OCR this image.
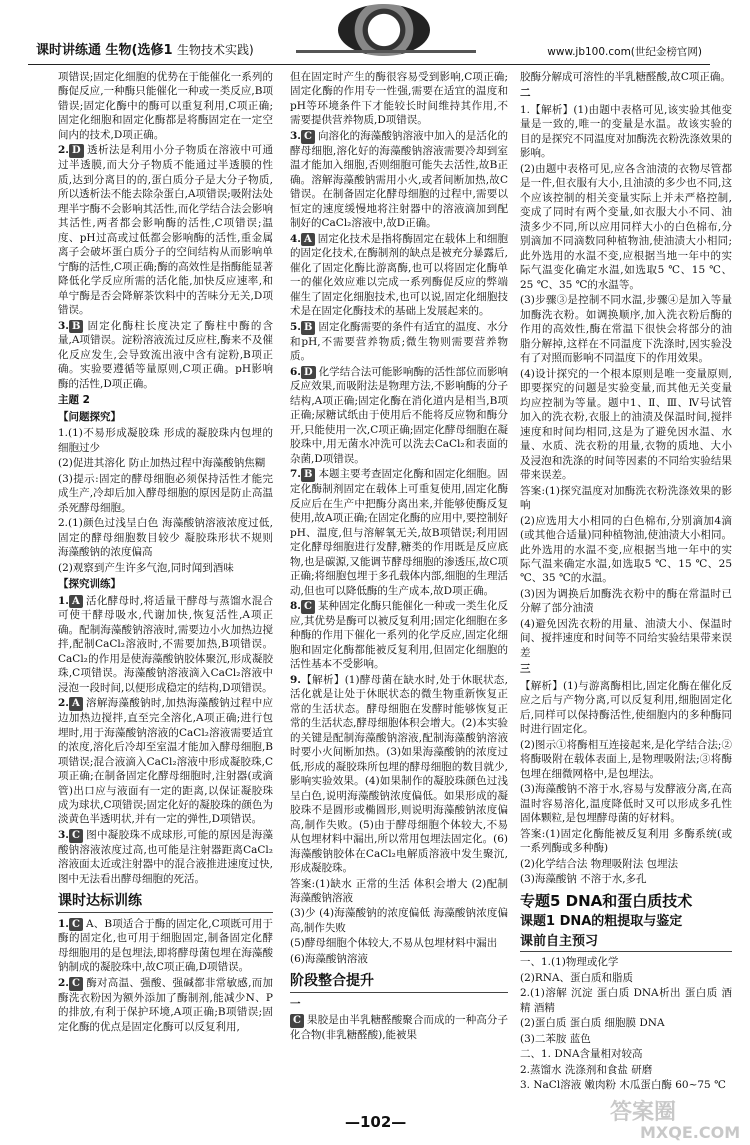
课时讲练通 生物(选修1 生物技术实践)	www.jb100.com(世纪金榜官网)
项错误;固定化细胞的优势在于能催化一系列的酶促反应,一种酶只能催化一种或一类反应,B项错误;固定化酶中的酶可以重复利用,C项正确;固定化细胞和固定化酶都是将酶固定在一定空间内的技术,D项正确。
2. D 透析法是利用小分子物质在溶液中可通过半透膜,而大分子物质不能通过半透膜的性质,达到分离目的的,蛋白质分子是大分子物质,所以透析法不能去除杂蛋白,A项错误;吸附法处理半宇酶不会影响其活性,而化学结合法会影响其活性,两者都会影响酶的活性,C项错误;温度、pH过高或过低都会影响酶的活性,重金属离子会破坏蛋白质分子的空间结构从而影响单宁酶的活性,C项正确;酶的高效性是指酶能显著降低化学反应所需的活化能,加快反应速率,和单宁酶是否会降解茶饮料中的苦味分无关,D项错误。
3. B 固定化酶柱长度决定了酶柱中酶的含量,A项错误。淀粉溶液流过反应柱,酶来不及催化反应发生,会导致流出液中含有淀粉,B项正确。实验要遵循等量原则,C项正确。pH影响酶的活性,D项正确。
主题 2
【问题探究】
1.(1)不易形成凝胶珠 形成的凝胶珠内包埋的细胞过少
(2)促进其溶化 防止加热过程中海藻酸钠焦糊
(3)提示:固定的酵母细胞必须保持活性才能完成生产,冷却后加入酵母细胞的原因是防止高温杀死酵母细胞。
2.(1)颜色过浅呈白色 海藻酸钠溶液浓度过低,固定的酵母细胞数目较少 凝胶珠形状不规则 海藻酸钠的浓度偏高
(2)观察到产生许多气泡,同时闻到酒味
【探究训练】
1. A 活化酵母时,将适量干酵母与蒸馏水混合可使干酵母吸水,代谢加快,恢复活性,A项正确。配制海藻酸钠溶液时,需要边小火加热边搅拌,配制CaCl₂溶液时,不需要加热,B项错误。CaCl₂的作用是使海藻酸钠胶体聚沉,形成凝胶珠,C项错误。海藻酸钠溶液滴入CaCl₂溶液中浸泡一段时间,以便形成稳定的结构,D项错误。
2. A 溶解海藻酸钠时,加热海藻酸钠过程中应边加热边搅拌,直至完全溶化,A项正确;进行包埋时,用于海藻酸钠溶液的CaCl₂溶液需要适宜的浓度,溶化后冷却至室温才能加入酵母细胞,B项错误;混合液滴入CaCl₂溶液中形成凝胶珠,C项正确;在制备固定化酵母细胞时,注射器(或滴管)出口应与液面有一定的距离,以保证凝胶珠成为球状,C项错误;固定化好的凝胶珠的颜色为淡黄色半透明状,并有一定的弹性,D项错误。
3. C 图中凝胶珠不成球形,可能的原因是海藻酸钠溶液浓度过高,也可能是注射器距离CaCl₂溶液面太近或注射器中的混合液推进速度过快,图中无法看出酵母细胞的死活。
课时达标训练
1. C A、B项适合于酶的固定化,C项既可用于酶的固定化,也可用于细胞固定,制备固定化酵母细胞用的是包埋法,即将酵母菌包埋在海藻酸钠制成的凝胶珠中,故C项正确,D项错误。
2. C 酶对高温、强酸、强碱都非常敏感,而加酶洗衣粉因为额外添加了酶制剂,能减少N、P的排放,有利于保护环境,A项正确;B项错误;固定化酶的优点是固定化酶可以反复利用,
但在固定时产生的酶很容易受到影响,C项正确;固定化酶的作用专一性强,需要在适宜的温度和pH等环境条件下才能较长时间维持其作用,不需要提供营养物质,D项错误。
3. C 向溶化的海藻酸钠溶液中加入的是活化的酵母细胞,溶化好的海藻酸钠溶液需要冷却到室温才能加入细胞,否则细胞可能失去活性,故B正确。溶解海藻酸钠需用小火,或者间断加热,故C错误。在制备固定化酵母细胞的过程中,需要以恒定的速度缓慢地将注射器中的溶液滴加到配制好的CaCl₂溶液中,故D正确。
4. A 固定化技术是指将酶固定在载体上和细胞的固定化技术,在酶制剂的缺点是被充分暴露后,催化了固定化酶比游离酶,也可以将固定化酶单一的催化效应难以完成一系列酶促反应的弊端催生了固定化细胞技术,也可以说,固定化细胞技术是在固定化酶技术的基础上发展起来的。
5. B 固定化酶需要的条件有适宜的温度、水分和pH,不需要营养物质;微生物则需要营养物质。
6. D 化学结合法可能影响酶的活性部位而影响反应效果,而吸附法是物理方法,不影响酶的分子结构,A项正确;固定化酶在消化道内是相当,B项正确;尿糖试纸由于使用后不能将反应物和酶分开,只能使用一次,C项正确;固定化酵母细胞在凝胶珠中,用无菌水冲洗可以洗去CaCl₂和表面的杂菌,D项错误。
7. B 本题主要考查固定化酶和固定化细胞。固定化酶制剂固定在载体上可重复使用,固定化酶反应后在生产中把酶分离出来,并能够使酶反复使用,故A项正确;在固定化酶的应用中,要控制好pH、温度,但与溶解氧无关,故B项错误;利用固定化酵母细胞进行发酵,糖类的作用既是反应底物,也是碳源,又能调节酵母细胞的渗透压,故C项正确;将细胞包埋于多孔载体内部,细胞的生理活动,但也可以降低酶的生产成本,故D项正确。
8. C 某种固定化酶只能催化一种或一类生化反应,其优势是酶可以被反复利用;固定化细胞在多种酶的作用下催化一系列的化学反应,固定化细胞和固定化酶都能被反复利用,但固定化细胞的活性基本不受影响。
9.【解析】(1)酵母菌在缺水时,处于休眠状态,活化就是让处于休眠状态的微生物重新恢复正常的生活状态。酵母细胞在发酵时能够恢复正常的生活状态,酵母细胞体积会增大。(2)本实验的关键是配制海藻酸钠溶液,配制海藻酸钠溶液时要小火间断加热。(3)如果海藻酸钠的浓度过低,形成的凝胶珠所包埋的酵母细胞的数目就少,影响实验效果。(4)如果制作的凝胶珠颜色过浅呈白色,说明海藻酸钠浓度偏低。如果形成的凝胶珠不是圆形或椭圆形,则说明海藻酸钠浓度偏高,制作失败。(5)由于酵母细胞个体较大,不易从包埋材料中漏出,所以常用包埋法固定化。(6)海藻酸钠胶体在CaCl₂电解质溶液中发生聚沉,形成凝胶珠。
答案:(1)缺水 正常的生活 体积会增大 (2)配制海藻酸钠溶液
(3)少 (4)海藻酸钠的浓度偏低 海藻酸钠浓度偏高,制作失败
(5)酵母细胞个体较大,不易从包埋材料中漏出
(6)海藻酸钠溶液
阶段整合提升
一
C 果胶是由半乳糖醛酸聚合而成的一种高分子化合物(非乳糖醛酸),能被果
胶酶分解成可溶性的半乳糖醛酸,故C项正确。
二
1.【解析】(1)由题中表格可见,该实验其他变量是一致的,唯一的变量是水温。故该实验的目的是探究不同温度对加酶洗衣粉洗涤效果的影响。
(2)由题中表格可见,应各含油渍的衣物尽管都是一件,但衣服有大小,且油渍的多少也不同,这个应该控制的相关变量实际上并未严格控制,变成了同时有两个变量,如衣服大小不同、油渍多少不同,所以应用同样大小的白色棉布,分别滴加不同滴数同种植物油,使油渍大小相同;此外选用的水温不变,应根据当地一年中的实际气温变化确定水温,如选取5 ℃、15 ℃、25 ℃、35 ℃的水温等。
(3)步骤③是控制不同水温,步骤④是加入等量加酶洗衣粉。如调换顺序,加入洗衣粉后酶的作用的高效性,酶在常温下很快会将部分的油脂分解掉,这样在不同温度下洗涤时,因实验没有了对照而影响不同温度下的作用效果。
(4)设计探究的一个根本原则是唯一变量原则,即要探究的问题是实验变量,而其他无关变量均应控制为等量。题中1、Ⅱ、Ⅲ、Ⅳ号试管加入的洗衣粉,衣服上的油渍及保温时间,搅拌速度和时间均相同,这是为了避免因水温、水量、水质、洗衣粉的用量,衣物的质地、大小及浸泡和洗涤的时间等因素的不同给实验结果带来误差。
答案:(1)探究温度对加酶洗衣粉洗涤效果的影响
(2)应选用大小相同的白色棉布,分别滴加4滴(或其他合适量)同种植物油,使油渍大小相同。此外选用的水温不变,应根据当地一年中的实际气温来确定水温,如选取5 ℃、15 ℃、25 ℃、35 ℃的水温。
(3)因为调换后加酶洗衣粉中的酶在常温时已分解了部分油渍
(4)避免因洗衣粉的用量、油渍大小、保温时间、搅拌速度和时间等不同给实验结果带来误差
三
【解析】(1)与游离酶相比,固定化酶在催化反应之后与产物分离,可以反复利用,细胞固定化后,同样可以保持酶活性,使细胞内的多种酶同时进行固定化。
(2)图示①将酶相互连接起来,是化学结合法;②将酶吸附在载体表面上,是物理吸附法;③将酶包埋在细微网格中,是包埋法。
(3)海藻酸钠不溶于水,容易与发酵液分离,在高温时容易溶化,温度降低时又可以形成多孔性固体颗粒,是包埋酵母菌的好材料。
答案:(1)固定化酶能被反复利用 多酶系统(或一系列酶或多种酶)
(2)化学结合法 物理吸附法 包埋法
(3)海藻酸钠 不溶于水,多孔
专题5 DNA和蛋白质技术
课题1 DNA的粗提取与鉴定
课前自主预习
一、1.(1)物理或化学
(2)RNA、蛋白质和脂质
2.(1)溶解 沉淀 蛋白质 DNA析出 蛋白质 酒精 酒精
(2)蛋白质 蛋白质 细胞膜 DNA
(3)二苯胺 蓝色
二、1. DNA含量相对较高
2.蒸馏水 洗涤剂和食盐 研磨
3. NaCl溶液 嫩肉粉 木瓜蛋白酶 60~75 ℃
—102—	答案圈
MXQE.COM
